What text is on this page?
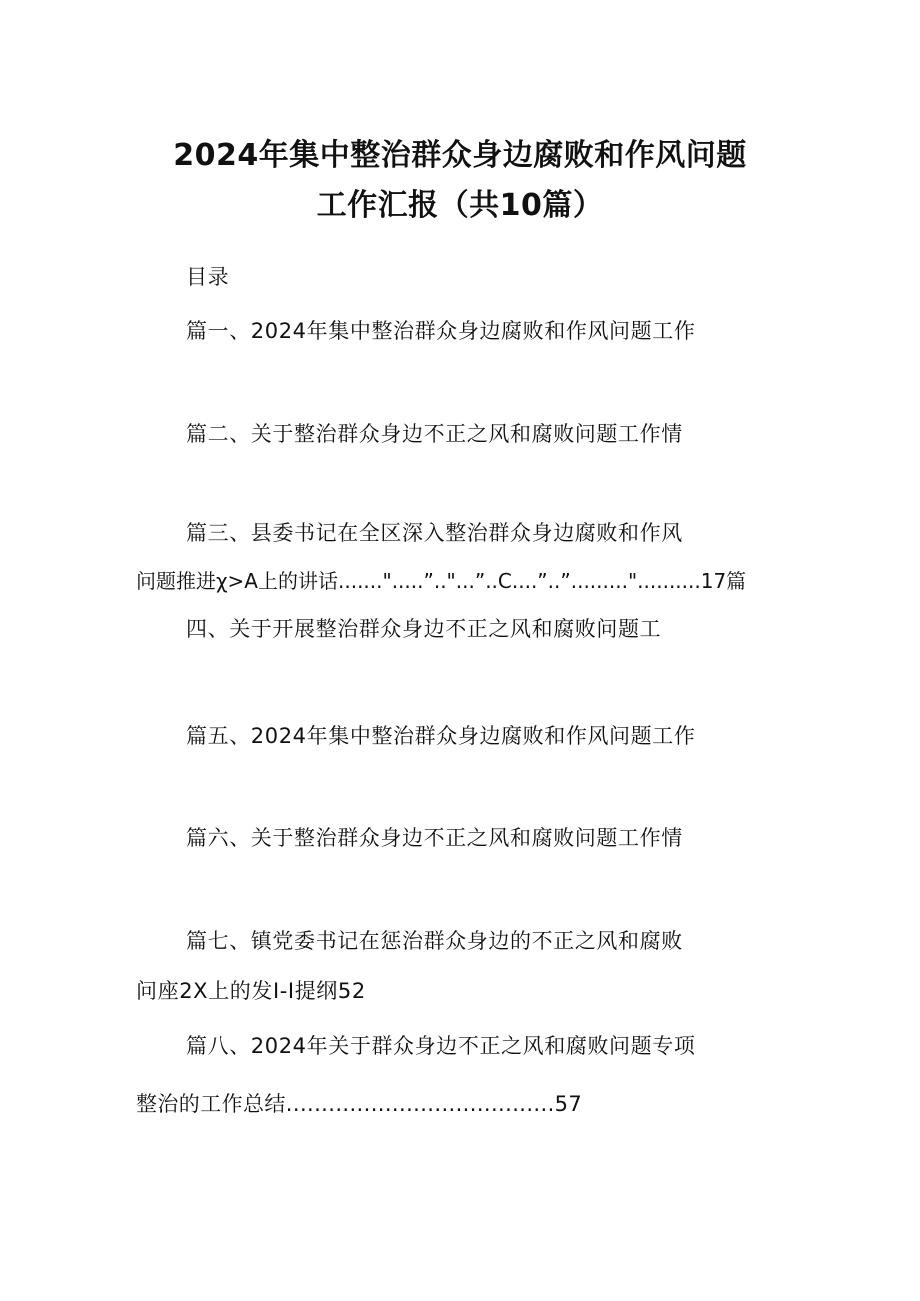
2024年集中整治群众身边腐败和作风问题
工作汇报（共10篇）
目录
篇一、2024年集中整治群众身边腐败和作风问题工作
篇二、关于整治群众身边不正之风和腐败问题工作情
篇三、县委书记在全区深入整治群众身边腐败和作风
问题推进χ>A上的讲话.......".....”.."...”..C....”..”........."..........17篇
四、关于开展整治群众身边不正之风和腐败问题工
篇五、2024年集中整治群众身边腐败和作风问题工作
篇六、关于整治群众身边不正之风和腐败问题工作情
篇七、镇党委书记在惩治群众身边的不正之风和腐败
问座2X上的发I-I提纲52
篇八、2024年关于群众身边不正之风和腐败问题专项
整治的工作总结......................................57
